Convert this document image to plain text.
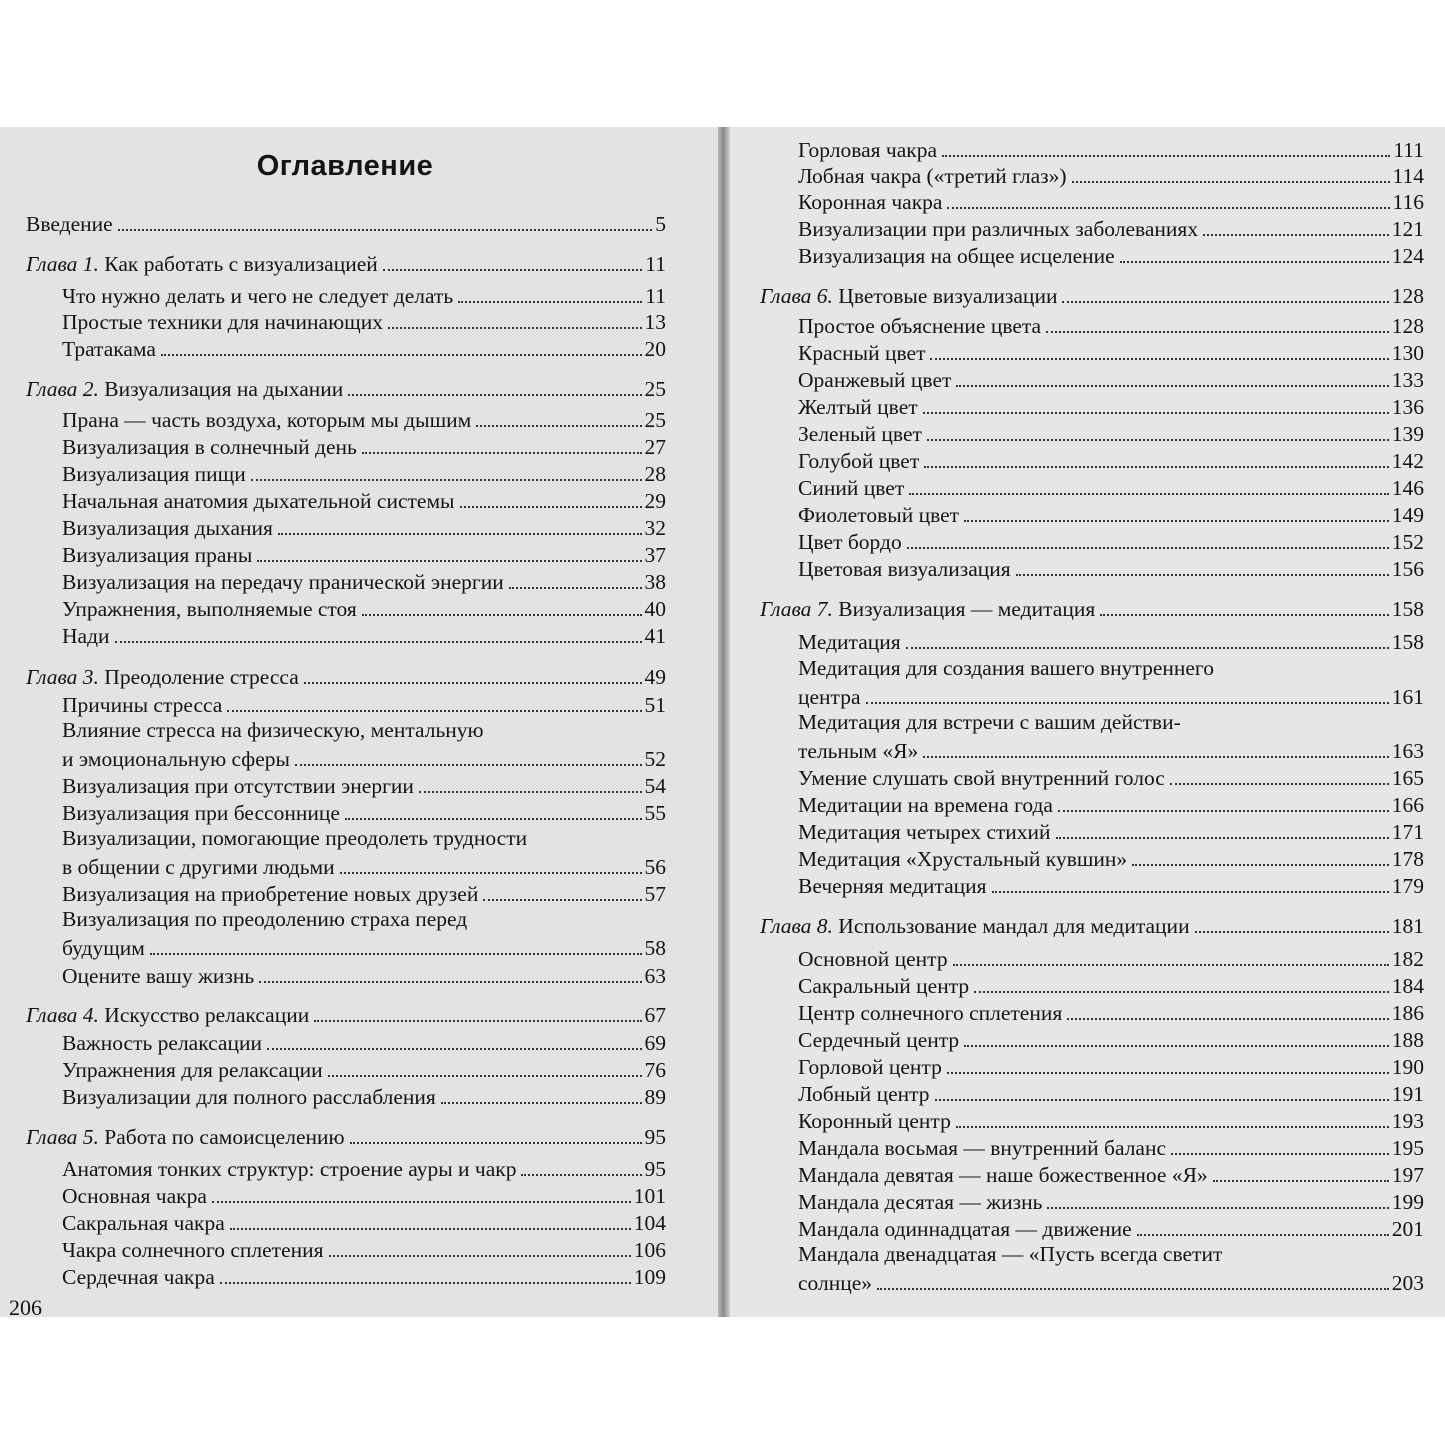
Оглавление
Введение	5
Глава 1. Как работать с визуализацией	11
Что нужно делать и чего не следует делать	11
Простые техники для начинающих	13
Тратакама	20
Глава 2. Визуализация на дыхании	25
Прана — часть воздуха, которым мы дышим	25
Визуализация в солнечный день	27
Визуализация пищи	28
Начальная анатомия дыхательной системы	29
Визуализация дыхания	32
Визуализация праны	37
Визуализация на передачу пранической энергии	38
Упражнения, выполняемые стоя	40
Нади	41
Глава 3. Преодоление стресса	49
Причины стресса	51
Влияние стресса на физическую, ментальную
и эмоциональную сферы	52
Визуализация при отсутствии энергии	54
Визуализация при бессоннице	55
Визуализации, помогающие преодолеть трудности
в общении с другими людьми	56
Визуализация на приобретение новых друзей	57
Визуализация по преодолению страха перед
будущим	58
Оцените вашу жизнь	63
Глава 4. Искусство релаксации	67
Важность релаксации	69
Упражнения для релаксации	76
Визуализации для полного расслабления	89
Глава 5. Работа по самоисцелению	95
Анатомия тонких структур: строение ауры и чакр	95
Основная чакра	101
Сакральная чакра	104
Чакра солнечного сплетения	106
Сердечная чакра	109
206
Горловая чакра	111
Лобная чакра («третий глаз»)	114
Коронная чакра	116
Визуализации при различных заболеваниях	121
Визуализация на общее исцеление	124
Глава 6. Цветовые визуализации	128
Простое объяснение цвета	128
Красный цвет	130
Оранжевый цвет	133
Желтый цвет	136
Зеленый цвет	139
Голубой цвет	142
Синий цвет	146
Фиолетовый цвет	149
Цвет бордо	152
Цветовая визуализация	156
Глава 7. Визуализация — медитация	158
Медитация	158
Медитация для создания вашего внутреннего
центра	161
Медитация для встречи с вашим действи-
тельным «Я»	163
Умение слушать свой внутренний голос	165
Медитации на времена года	166
Медитация четырех стихий	171
Медитация «Хрустальный кувшин»	178
Вечерняя медитация	179
Глава 8. Использование мандал для медитации	181
Основной центр	182
Сакральный центр	184
Центр солнечного сплетения	186
Сердечный центр	188
Горловой центр	190
Лобный центр	191
Коронный центр	193
Мандала восьмая — внутренний баланс	195
Мандала девятая — наше божественное «Я»	197
Мандала десятая — жизнь	199
Мандала одиннадцатая — движение	201
Мандала двенадцатая — «Пусть всегда светит
солнце»	203
